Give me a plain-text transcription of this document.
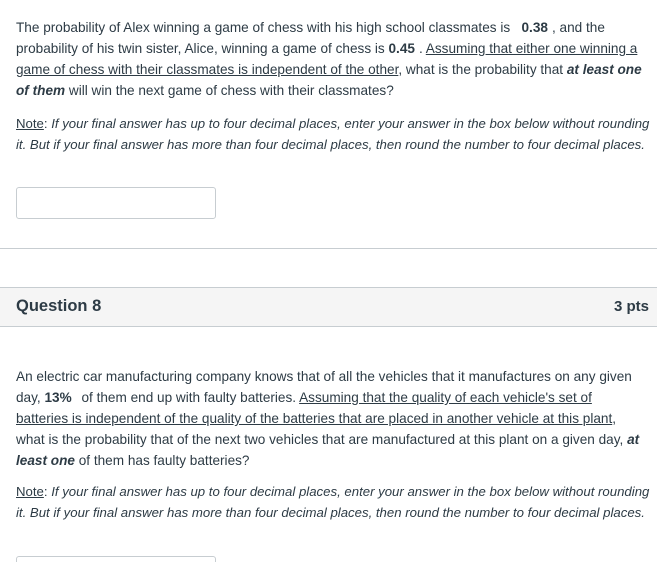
The probability of Alex winning a game of chess with his high school classmates is 0.38 , and the probability of his twin sister, Alice, winning a game of chess is 0.45 . Assuming that either one winning a game of chess with their classmates is independent of the other, what is the probability that at least one of them will win the next game of chess with their classmates?
Note: If your final answer has up to four decimal places, enter your answer in the box below without rounding it. But if your final answer has more than four decimal places, then round the number to four decimal places.
Question 8	3 pts
An electric car manufacturing company knows that of all the vehicles that it manufactures on any given day, 13% of them end up with faulty batteries. Assuming that the quality of each vehicle's set of batteries is independent of the quality of the batteries that are placed in another vehicle at this plant, what is the probability that of the next two vehicles that are manufactured at this plant on a given day, at least one of them has faulty batteries?
Note: If your final answer has up to four decimal places, enter your answer in the box below without rounding it. But if your final answer has more than four decimal places, then round the number to four decimal places.
